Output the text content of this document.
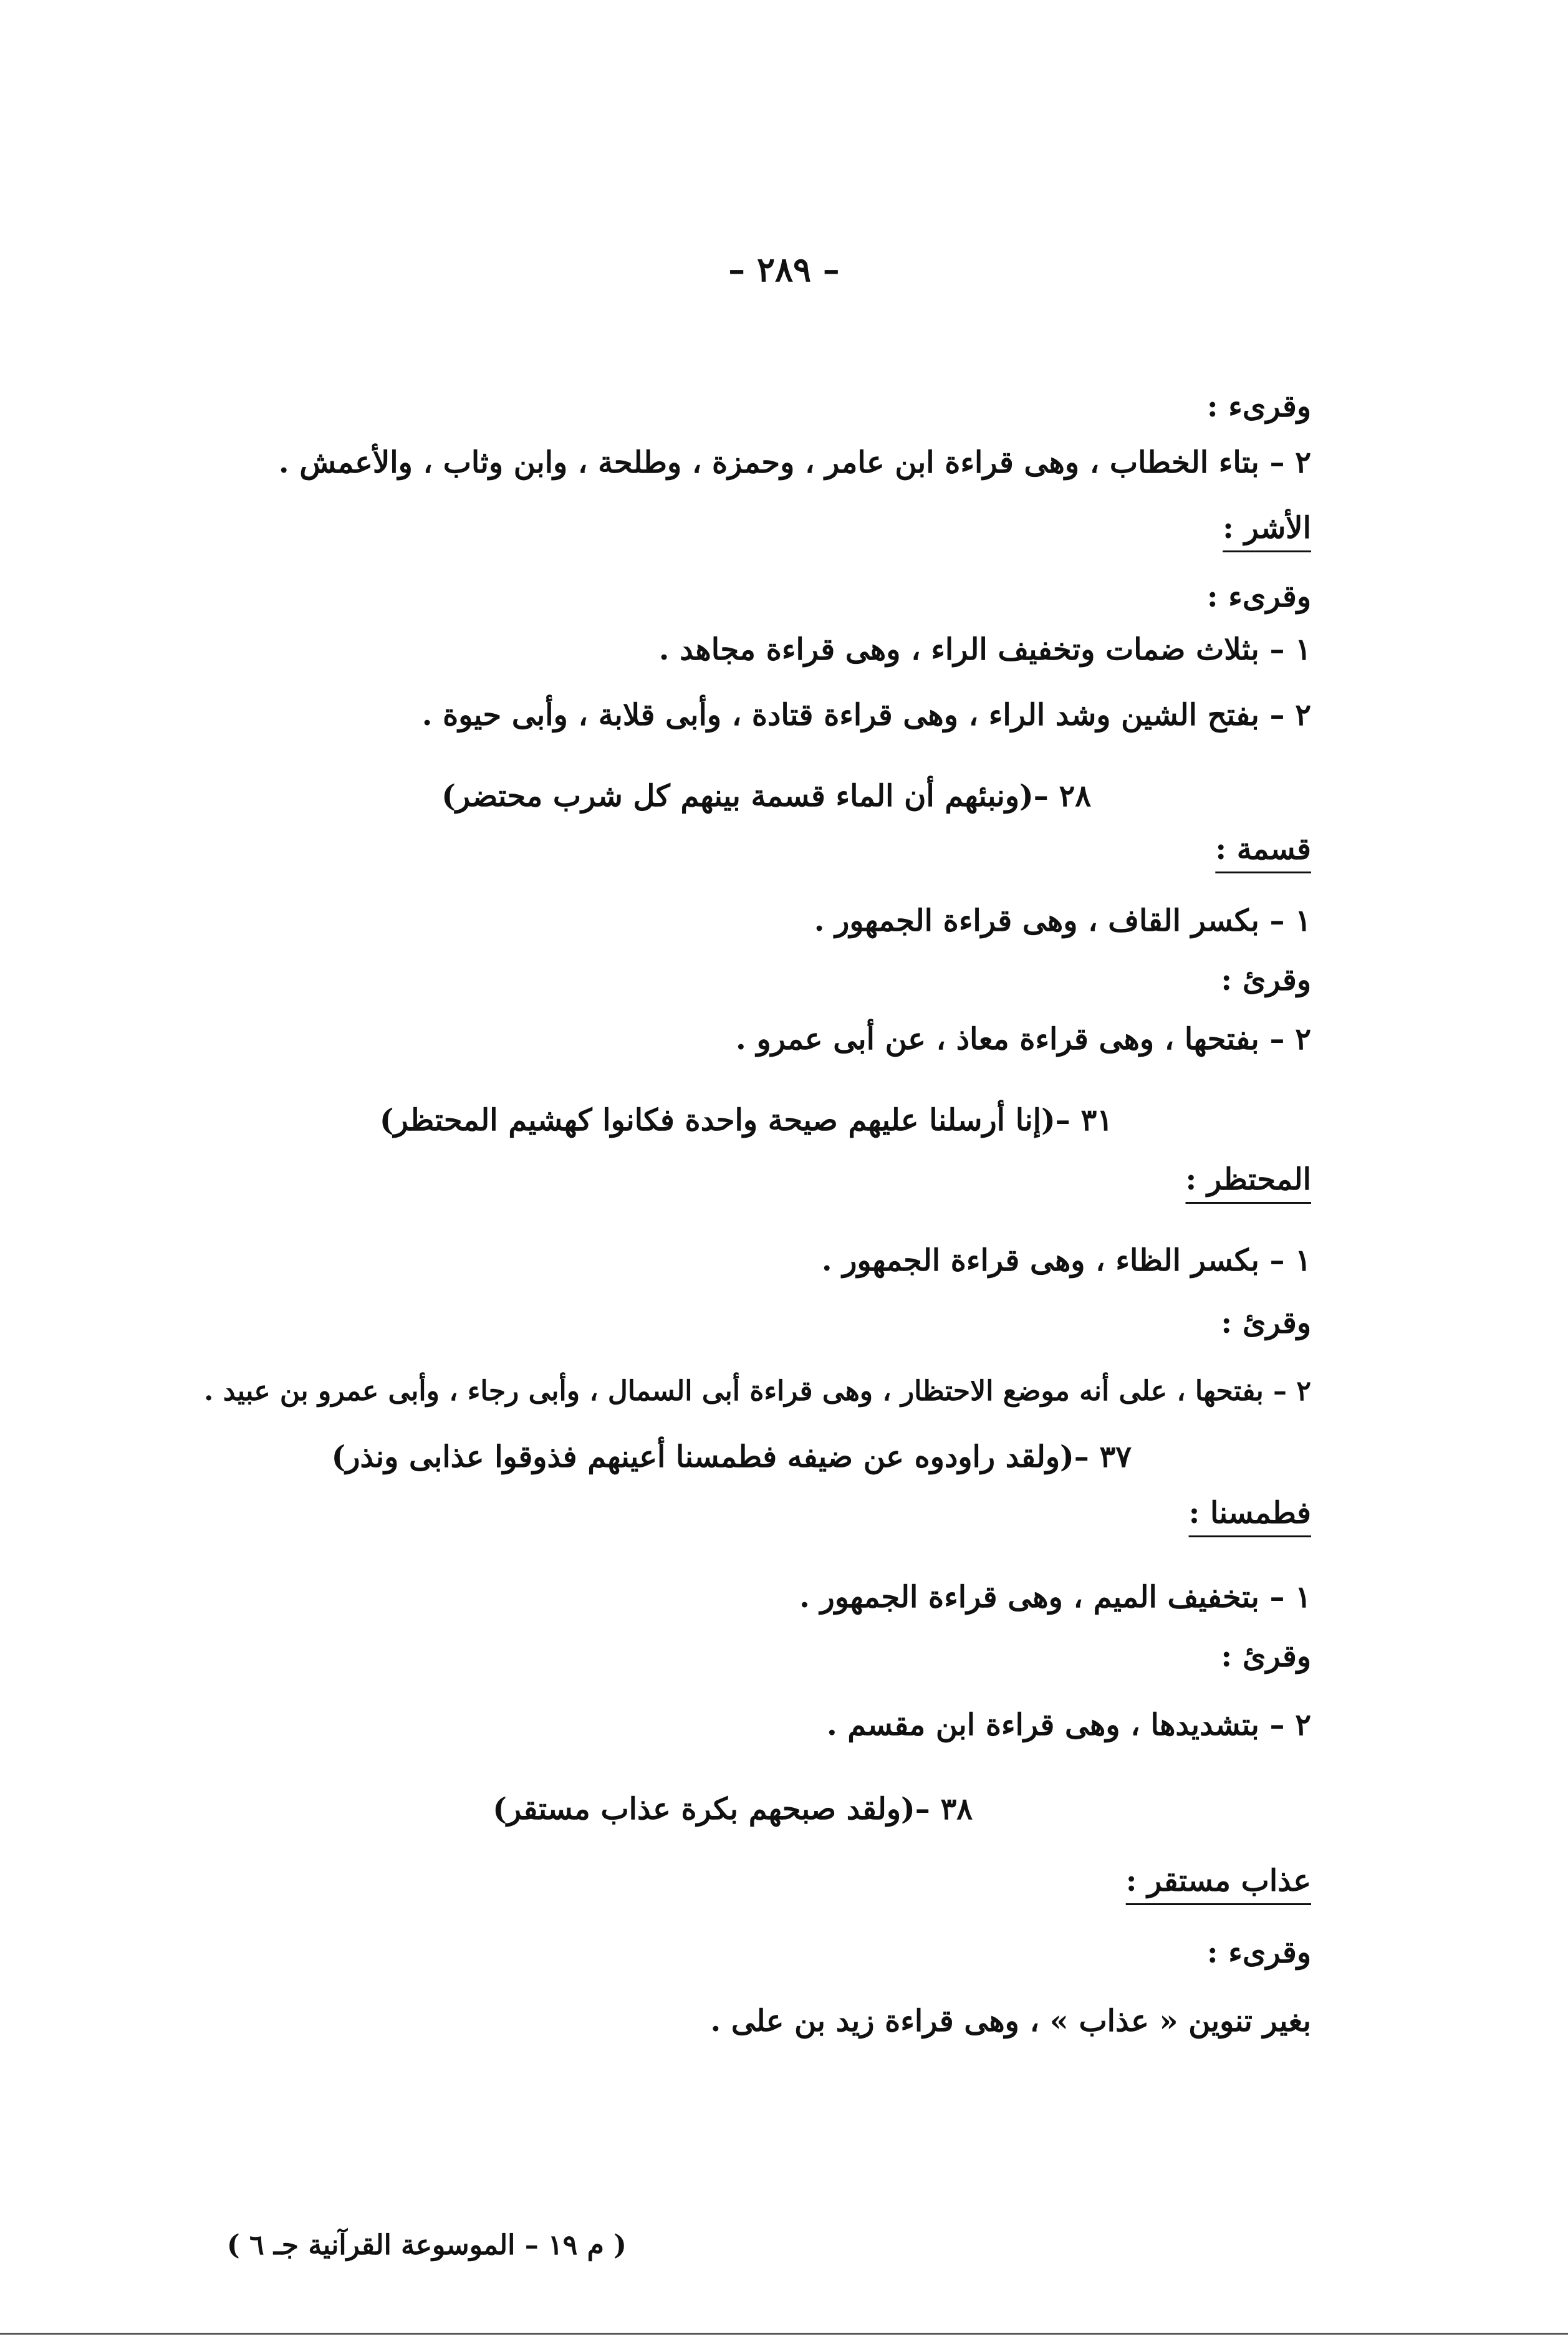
– ٢٨٩ –
وقرىء :
٢ – بتاء الخطاب ، وهى قراءة ابن عامر ، وحمزة ، وطلحة ، وابن وثاب ، والأعمش .
الأشر :
وقرىء :
١ – بثلاث ضمات وتخفيف الراء ، وهى قراءة مجاهد .
٢ – بفتح الشين وشد الراء ، وهى قراءة قتادة ، وأبى قلابة ، وأبى حيوة .
٢٨ –(ونبئهم أن الماء قسمة بينهم كل شرب محتضر)
قسمة :
١ – بكسر القاف ، وهى قراءة الجمهور .
وقرئ :
٢ – بفتحها ، وهى قراءة معاذ ، عن أبى عمرو .
٣١ –(إنا أرسلنا عليهم صيحة واحدة فكانوا كهشيم المحتظر)
المحتظر :
١ – بكسر الظاء ، وهى قراءة الجمهور .
وقرئ :
٢ – بفتحها ، على أنه موضع الاحتظار ، وهى قراءة أبى السمال ، وأبى رجاء ، وأبى عمرو بن عبيد .
٣٧ –(ولقد راودوه عن ضيفه فطمسنا أعينهم فذوقوا عذابى ونذر)
فطمسنا :
١ – بتخفيف الميم ، وهى قراءة الجمهور .
وقرئ :
٢ – بتشديدها ، وهى قراءة ابن مقسم .
٣٨ –(ولقد صبحهم بكرة عذاب مستقر)
عذاب مستقر :
وقرىء :
بغير تنوين « عذاب » ، وهى قراءة زيد بن على .
( م ١٩ – الموسوعة القرآنية جـ ٦ )
